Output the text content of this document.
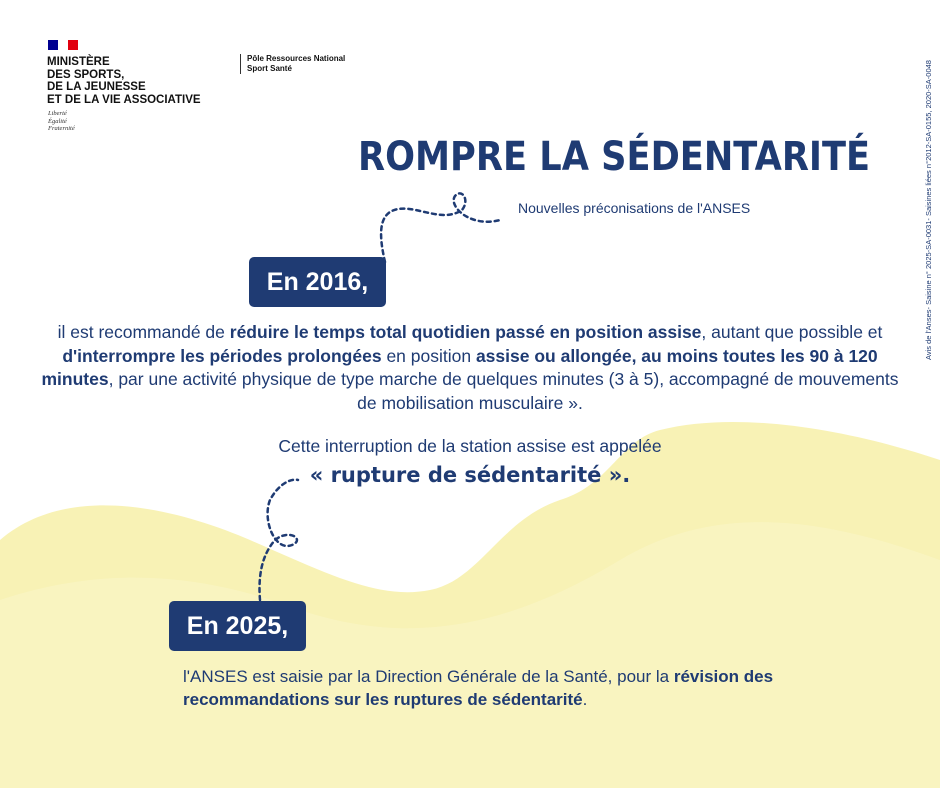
MINISTÈRE
DES SPORTS,
DE LA JEUNESSE
ET DE LA VIE ASSOCIATIVE
Liberté
Égalité
Fraternité
Pôle Ressources National
Sport Santé	Avis de l'Anses- Saisine n° 2025-SA-0031- Saisines liées n°2012-SA-0155, 2020-SA-0048
ROMPRE LA SÉDENTARITÉ
Nouvelles préconisations de l'ANSES
En 2016,
il est recommandé de réduire le temps total quotidien passé en position assise, autant que possible et d'interrompre les périodes prolongées en position assise ou allongée, au moins toutes les 90 à 120 minutes, par une activité physique de type marche de quelques minutes (3 à 5), accompagné de mouvements de mobilisation musculaire ».
Cette interruption de la station assise est appelée
« rupture de sédentarité ».
En 2025,
l'ANSES est saisie par la Direction Générale de la Santé, pour la révision des recommandations sur les ruptures de sédentarité.
